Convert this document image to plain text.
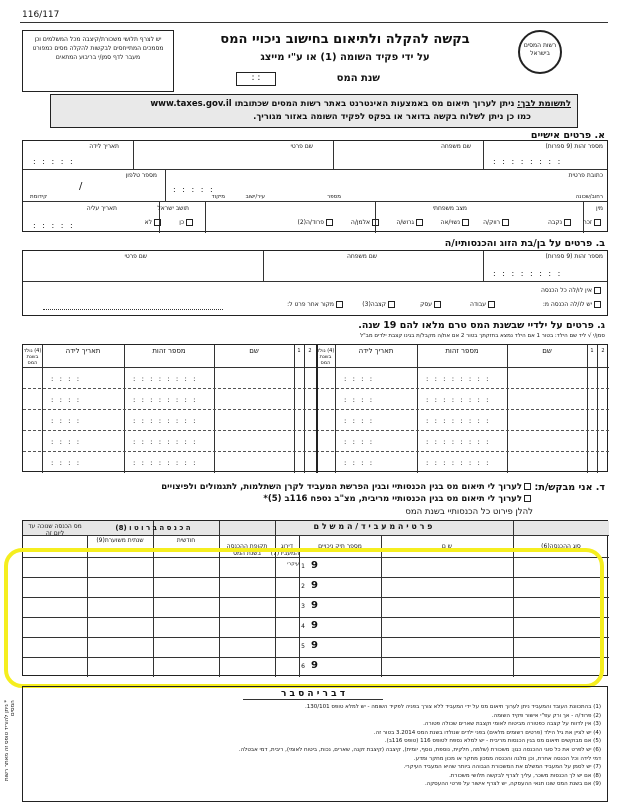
116/117
רשות המסים בישראל
בקשה להקלה ולתיאום בחישוב ניכויי המס
על ידי פקיד השומה (1) או ע"י מייצג
שנת המס
: :
יש לצרף תלושי משכורת/קיצבה מכל המשלמים וכן מסמכים המתייחסים לבקשות להקלה מסים כמפורט מעבר לדף סמן/י בריבוע המתאים
לתשומת לבך: ניתן לערוך תיאום מס באמצעות האינטרנט באתר רשות המסים שכתובתו www.taxes.gov.il
כמו כן ניתן לשלוח בקשה בדואר או בפקס לפקיד השומה באזור מגוריך.
א. פרטים אישיים
מספר זהות (9 ספרות)
שם משפחה
שם פרטי
תאריך לידה
: : : : : : : :
: : : : :
כתובת פרטית
מספר טלפון
/
רחוב/שכונה
מספר
עיר/ישוב
מיקוד
קידומת
: : : : :
מין
זכר
נקבה
מצב משפחתי
רווק/ה
נשוי/אה
גרוש/ה
אלמן/ה
פרוד/ה(2)
תושב ישראל
כן
לא
תאריך עליה
: : : : :
ב. פרטים על בן/בת הזוג והכנסותיו/ה
מספר זהות (9 ספרות)
שם משפחה
שם פרטי
: : : : : : : :
אין לו/לה כל הכנסה
יש לו/לה הכנסה מ:
עבודה
עסק
קצבה(3)
מקור אחר פרט ל:
ג. פרטים על ילדיי שבשנת המס טרם מלאו להם 19 שנה.
סמן/י √ ליד שם הילד: בטור 1 אם הילד נמצא בחזקתך בטור 2 אם את/ה מקבל/ת בגינו קצבת ילדים מב"ל
2
1
שם
מספר זהות
תאריך לידה
(4) נולד בשנת המס
: : : : : : : :
: : : :
: : : : : : : :
: : : :
: : : : : : : :
: : : :
: : : : : : : :
: : : :
: : : : : : : :
: : : :
2
1
שם
מספר זהות
תאריך לידה
(4) נולד בשנת המס
: : : : : : : :
: : : :
: : : : : : : :
: : : :
: : : : : : : :
: : : :
: : : : : : : :
: : : :
: : : : : : : :
: : : :
ד. אני מבקש/ת:
לערוך לי תיאום מס בגין הכנסותיי ובגין הפרשת המעביד לקרן השתלמות, לתגמולים ולפיצויים
לערוך לי תיאום מס בגין הכנסותיי מריבית, מצ"ב נספח 116ב (5)*
להלן פירוט כל הכנסותיי בשנת המס
סוג ההכנסה(6)
ש ם
מספר תיק ניכויים
דירוג המעביד(7)
תקופת ההכנסה בשנת המס
חודשית
שנתית משוערת(9)
מס הכנסה שנוכה עד ליום זה
פ ר ט י ה מ ע ב י ד / ה מ ש ל ם
ה כ נ ס ה ב ר ו ט ו (8)
עיקרי 1 9
2 9
3 9
4 9
5 9
6 9
ד ב ר י ה ס ב ר
(1) בהתכוונת העובד והמעביד ניתן לערוך תיאום מס על ידי המעביד ללא צורך בפניה לפקיד השומה - יש למלא טופס 130/101.
(2) פרוד/ה - אך ורק עפ"י אישור פקיד השומה.
(3) אין לדווח על קצבה כפטורה מביטוח לאומי וקצבת שארים שכולה פטורה.
(4) יש לציין את גיל הילד (פרטים רשומים מלאים) בפני ילדים שנולדו בשנת המס 3.2014 בטור זה.
(5) אם מבוקשים תיאום מס בגין הכנסות מריבית - יש למלא נספח לטופס 116 (טופס 116ב).
(6) יש לפרט את כל סוגי ההכנסה כגון: משכורת (שלמה, חלקית, נוספת, נוסף, יומית), קיצבה (קיצבת זקנה, שארים, נכות, ביטוח לאומי), ריבית, דמי אבטלה.
דמי לידה וכל הכנסה אחרת, וכן מלגה והכנסה ממכון מחקר או מכון מחקר ומדע.
(7) יש לסמן על המעביד המשלם את המשכורת הגבוהה ביותר שהיא המעביד העיקרי.
(8) אם יש לך הכנסות משכר, עליך לצרף לבקשה תלושי משכורת.
(9) אם בשנת המס שונו תנאי ההעסקה, יש לצרף אישור על פרטי ההעסקה.
* ניתן להוריד טופס זה מאתר רשות המסים
